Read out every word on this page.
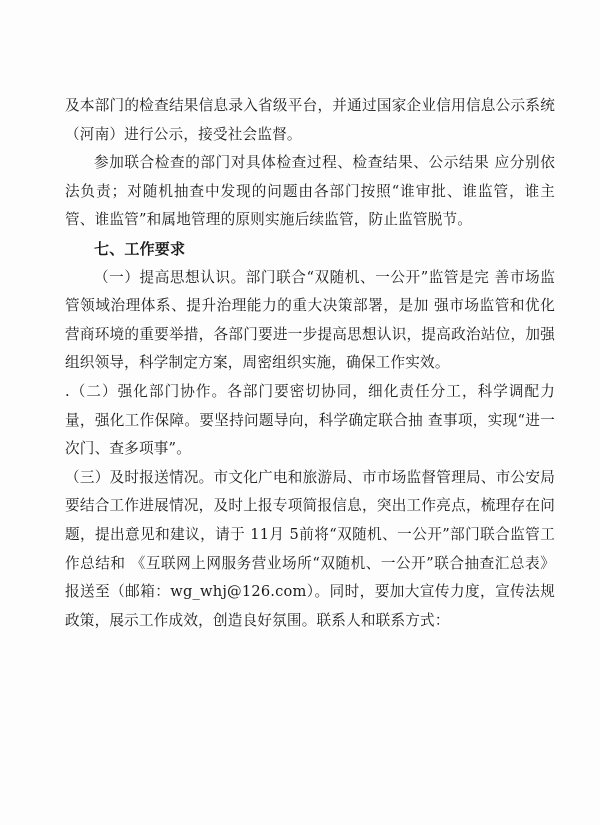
及本部门的检查结果信息录入省级平台，并通过国家企业信用信息公示系统（河南）进行公示，接受社会监督。

参加联合检查的部门对具体检查过程、检查结果、公示结果 应分别依法负责；对随机抽查中发现的问题由各部门按照“谁审批、谁监管，谁主管、谁监管”和属地管理的原则实施后续监管，防止监管脱节。

七、工作要求

（一）提高思想认识。部门联合“双随机、一公开”监管是完 善市场监管领域治理体系、提升治理能力的重大决策部署，是加 强市场监管和优化营商环境的重要举措，各部门要进一步提高思想认识，提高政治站位，加强组织领导，科学制定方案，周密组织实施，确保工作实效。

.（二）强化部门协作。各部门要密切协同，细化责任分工，科学调配力量，强化工作保障。要坚持问题导向，科学确定联合抽 查事项，实现“进一次门、查多项事”。

（三）及时报送情况。市文化广电和旅游局、市市场监督管理局、市公安局要结合工作进展情况，及时上报专项简报信息，突出工作亮点，梳理存在问题，提出意见和建议，请于 11月 5前将“双随机、一公开”部门联合监管工作总结和 《互联网上网服务营业场所“双随机、一公开”联合抽查汇总表》 报送至（邮箱：wg_whj@126.com）。同时，要加大宣传力度，宣传法规政策，展示工作成效，创造良好氛围。联系人和联系方式：
